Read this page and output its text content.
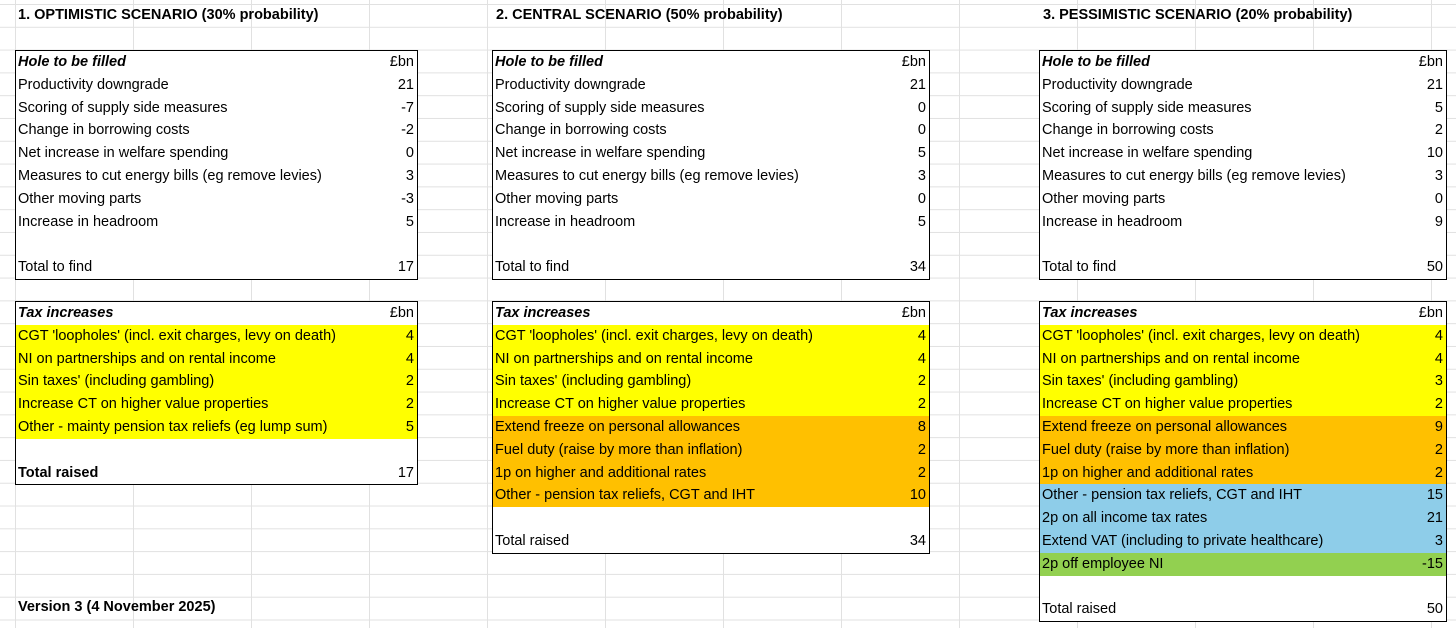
1. OPTIMISTIC SCENARIO (30% probability)	2. CENTRAL SCENARIO (50% probability)	3. PESSIMISTIC SCENARIO (20% probability)
Hole to be filled	£bn
Productivity downgrade	21
Scoring of supply side measures	-7
Change in borrowing costs	-2
Net increase in welfare spending	0
Measures to cut energy bills (eg remove levies)	3
Other moving parts	-3
Increase in headroom	5
Total to find	17
Hole to be filled	£bn
Productivity downgrade	21
Scoring of supply side measures	0
Change in borrowing costs	0
Net increase in welfare spending	5
Measures to cut energy bills (eg remove levies)	3
Other moving parts	0
Increase in headroom	5
Total to find	34
Hole to be filled	£bn
Productivity downgrade	21
Scoring of supply side measures	5
Change in borrowing costs	2
Net increase in welfare spending	10
Measures to cut energy bills (eg remove levies)	3
Other moving parts	0
Increase in headroom	9
Total to find	50
Tax increases	£bn
CGT 'loopholes' (incl. exit charges, levy on death)	4
NI on partnerships and on rental income	4
Sin taxes' (including gambling)	2
Increase CT on higher value properties	2
Other - mainty pension tax reliefs (eg lump sum)	5
Total raised	17
Tax increases	£bn
CGT 'loopholes' (incl. exit charges, levy on death)	4
NI on partnerships and on rental income	4
Sin taxes' (including gambling)	2
Increase CT on higher value properties	2
Extend freeze on personal allowances	8
Fuel duty (raise by more than inflation)	2
1p on higher and additional rates	2
Other - pension tax reliefs, CGT and IHT	10
Total raised	34
Tax increases	£bn
CGT 'loopholes' (incl. exit charges, levy on death)	4
NI on partnerships and on rental income	4
Sin taxes' (including gambling)	3
Increase CT on higher value properties	2
Extend freeze on personal allowances	9
Fuel duty (raise by more than inflation)	2
1p on higher and additional rates	2
Other - pension tax reliefs, CGT and IHT	15
2p on all income tax rates	21
Extend VAT (including to private healthcare)	3
2p off employee NI	-15
Total raised	50
Version 3 (4 November 2025)
